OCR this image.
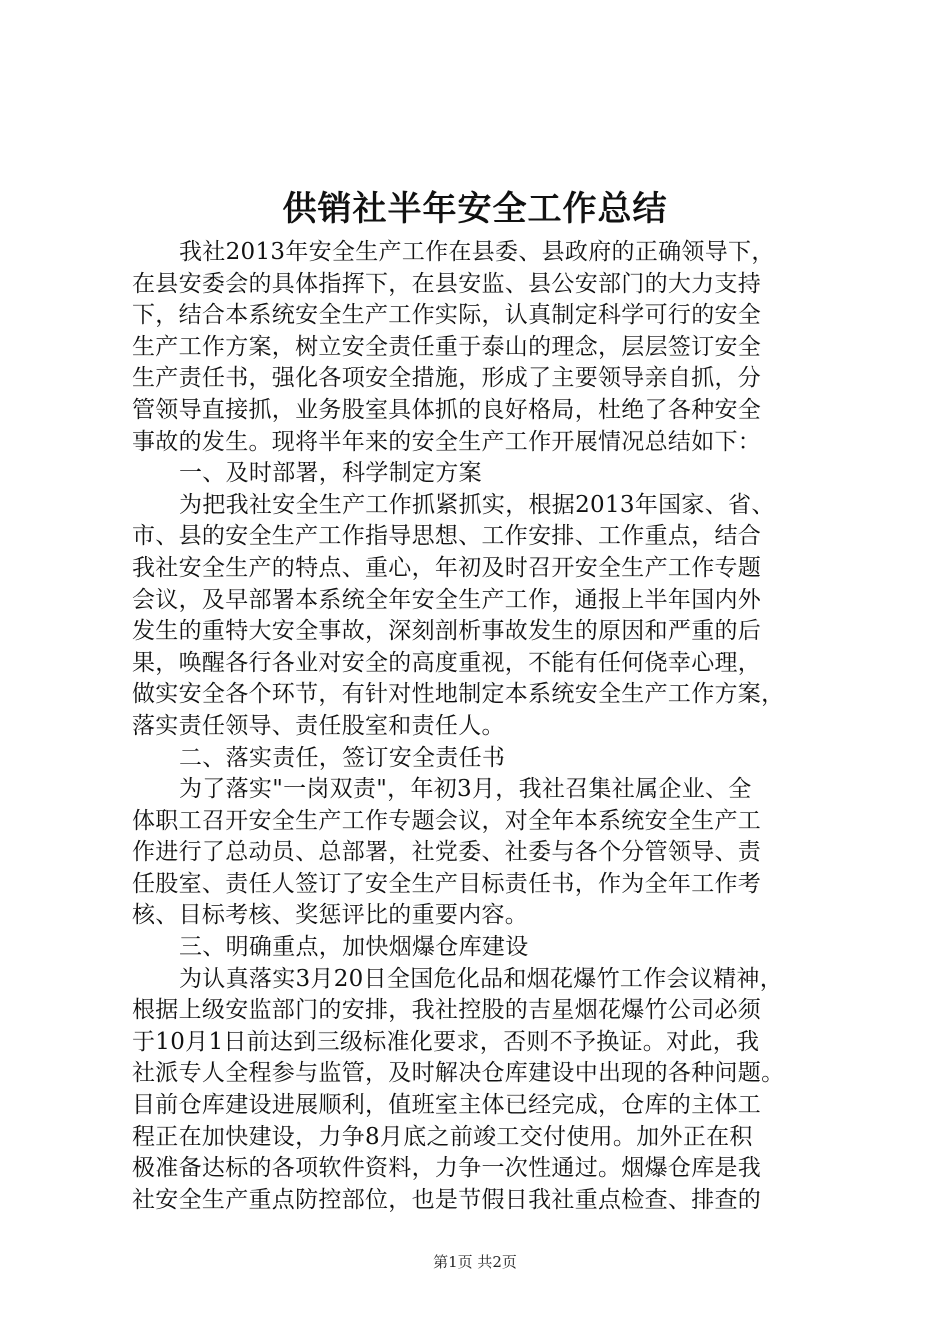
供销社半年安全工作总结
我社2013年安全生产工作在县委、县政府的正确领导下，
在县安委会的具体指挥下，在县安监、县公安部门的大力支持
下，结合本系统安全生产工作实际，认真制定科学可行的安全
生产工作方案，树立安全责任重于泰山的理念，层层签订安全
生产责任书，强化各项安全措施，形成了主要领导亲自抓，分
管领导直接抓，业务股室具体抓的良好格局，杜绝了各种安全
事故的发生。现将半年来的安全生产工作开展情况总结如下：
一、及时部署，科学制定方案
为把我社安全生产工作抓紧抓实，根据2013年国家、省、
市、县的安全生产工作指导思想、工作安排、工作重点，结合
我社安全生产的特点、重心，年初及时召开安全生产工作专题
会议，及早部署本系统全年安全生产工作，通报上半年国内外
发生的重特大安全事故，深刻剖析事故发生的原因和严重的后
果，唤醒各行各业对安全的高度重视，不能有任何侥幸心理，
做实安全各个环节，有针对性地制定本系统安全生产工作方案，
落实责任领导、责任股室和责任人。
二、落实责任，签订安全责任书
为了落实"一岗双责"，年初3月，我社召集社属企业、全
体职工召开安全生产工作专题会议，对全年本系统安全生产工
作进行了总动员、总部署，社党委、社委与各个分管领导、责
任股室、责任人签订了安全生产目标责任书，作为全年工作考
核、目标考核、奖惩评比的重要内容。
三、明确重点，加快烟爆仓库建设
为认真落实3月20日全国危化品和烟花爆竹工作会议精神，
根据上级安监部门的安排，我社控股的吉星烟花爆竹公司必须
于10月1日前达到三级标准化要求，否则不予换证。对此，我
社派专人全程参与监管，及时解决仓库建设中出现的各种问题。
目前仓库建设进展顺利，值班室主体已经完成，仓库的主体工
程正在加快建设，力争8月底之前竣工交付使用。加外正在积
极准备达标的各项软件资料，力争一次性通过。烟爆仓库是我
社安全生产重点防控部位，也是节假日我社重点检查、排查的
第1页 共2页
